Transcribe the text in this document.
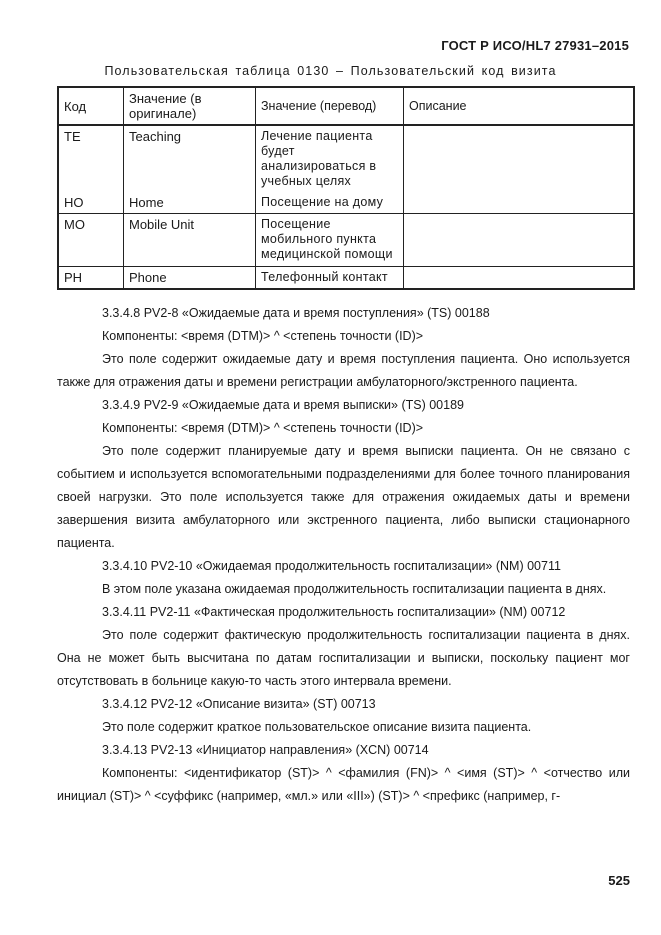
ГОСТ Р ИСО/HL7 27931–2015
Пользовательская таблица 0130 – Пользовательский код визита
Код	Значение (в оригинале)	Значение (перевод)	Описание
TE	Teaching	Лечение пациента будет анализироваться в учебных целях	
HO	Home	Посещение на дому	
MO	Mobile Unit	Посещение мобильного пункта медицинской помощи	
PH	Phone	Телефонный контакт	

3.3.4.8 PV2-8 «Ожидаемые дата и время поступления» (TS) 00188

Компоненты: <время (DTM)> ^ <степень точности (ID)>

Это поле содержит ожидаемые дату и время поступления пациента. Оно используется также для отражения даты и времени регистрации амбулаторного/экстренного пациента.

3.3.4.9 PV2-9 «Ожидаемые дата и время выписки» (TS) 00189

Компоненты: <время (DTM)> ^ <степень точности (ID)>

Это поле содержит планируемые дату и время выписки пациента. Он не связано с событием и используется вспомогательными подразделениями для более точного планирования своей нагрузки. Это поле используется также для отражения ожидаемых даты и времени завершения визита амбулаторного или экстренного пациента, либо выписки стационарного пациента.

3.3.4.10 PV2-10 «Ожидаемая продолжительность госпитализации» (NM) 00711

В этом поле указана ожидаемая продолжительность госпитализации пациента в днях.

3.3.4.11 PV2-11 «Фактическая продолжительность госпитализации» (NM) 00712

Это поле содержит фактическую продолжительность госпитализации пациента в днях. Она не может быть высчитана по датам госпитализации и выписки, поскольку пациент мог отсутствовать в больнице какую-то часть этого интервала времени.

3.3.4.12 PV2-12 «Описание визита» (ST) 00713

Это поле содержит краткое пользовательское описание визита пациента.

3.3.4.13 PV2-13 «Инициатор направления» (XCN) 00714

Компоненты: <идентификатор (ST)> ^ <фамилия (FN)> ^ <имя (ST)> ^ <отчество или инициал (ST)> ^ <суффикс (например, «мл.» или «III») (ST)> ^ <префикс (например, г-

525
